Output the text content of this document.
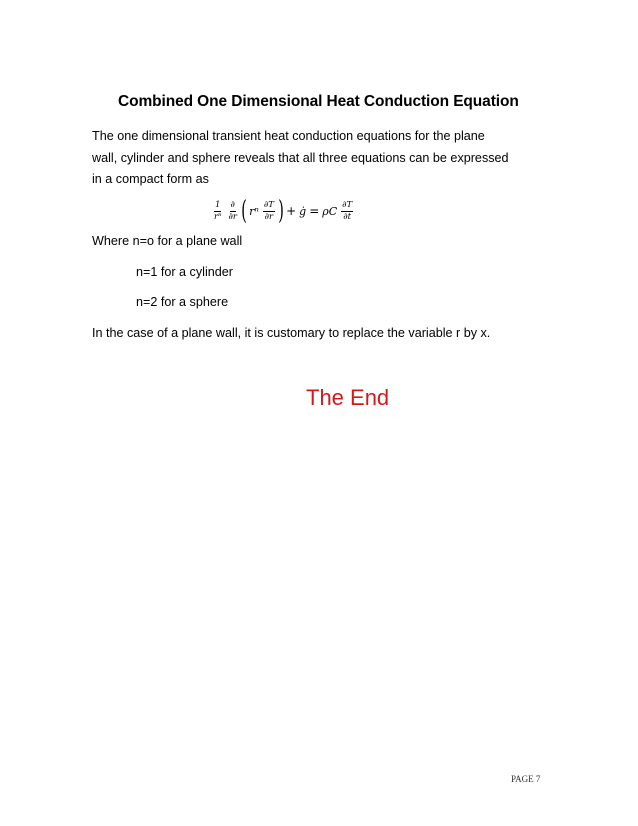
Combined One Dimensional Heat Conduction Equation
The one dimensional transient heat conduction equations for the plane
wall, cylinder and sphere reveals that all three equations can be expressed
in a compact form as
$\frac{1}{\text{rⁿ}} \frac{\partial}{\partial r}$ ( rⁿ $\frac{\partial T}{\partial r}$ ) + ġ = ρC $\frac{\partial T}{\partial t}$
Where n=o for a plane wall
n=1 for a cylinder
n=2 for a sphere
In the case of a plane wall, it is customary to replace the variable r by x.
The End
PAGE 7
